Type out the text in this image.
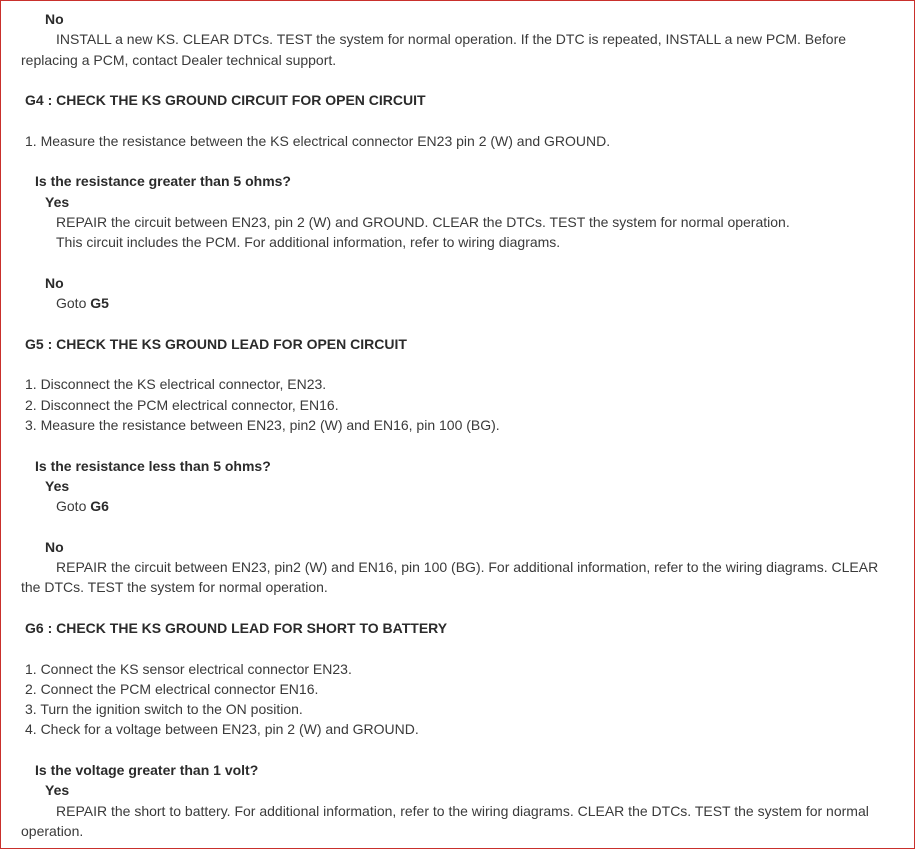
No

INSTALL a new KS. CLEAR DTCs. TEST the system for normal operation. If the DTC is repeated, INSTALL a new PCM. Before replacing a PCM, contact Dealer technical support.

G4 : CHECK THE KS GROUND CIRCUIT FOR OPEN CIRCUIT

1. Measure the resistance between the KS electrical connector EN23 pin 2 (W) and GROUND.

Is the resistance greater than 5 ohms?

Yes

REPAIR the circuit between EN23, pin 2 (W) and GROUND. CLEAR the DTCs. TEST the system for normal operation.

This circuit includes the PCM. For additional information, refer to wiring diagrams.

No

Goto G5

G5 : CHECK THE KS GROUND LEAD FOR OPEN CIRCUIT

1. Disconnect the KS electrical connector, EN23.

2. Disconnect the PCM electrical connector, EN16.

3. Measure the resistance between EN23, pin2 (W) and EN16, pin 100 (BG).

Is the resistance less than 5 ohms?

Yes

Goto G6

No

REPAIR the circuit between EN23, pin2 (W) and EN16, pin 100 (BG). For additional information, refer to the wiring diagrams. CLEAR the DTCs. TEST the system for normal operation.

G6 : CHECK THE KS GROUND LEAD FOR SHORT TO BATTERY

1. Connect the KS sensor electrical connector EN23.

2. Connect the PCM electrical connector EN16.

3. Turn the ignition switch to the ON position.

4. Check for a voltage between EN23, pin 2 (W) and GROUND.

Is the voltage greater than 1 volt?

Yes

REPAIR the short to battery. For additional information, refer to the wiring diagrams. CLEAR the DTCs. TEST the system for normal operation.
